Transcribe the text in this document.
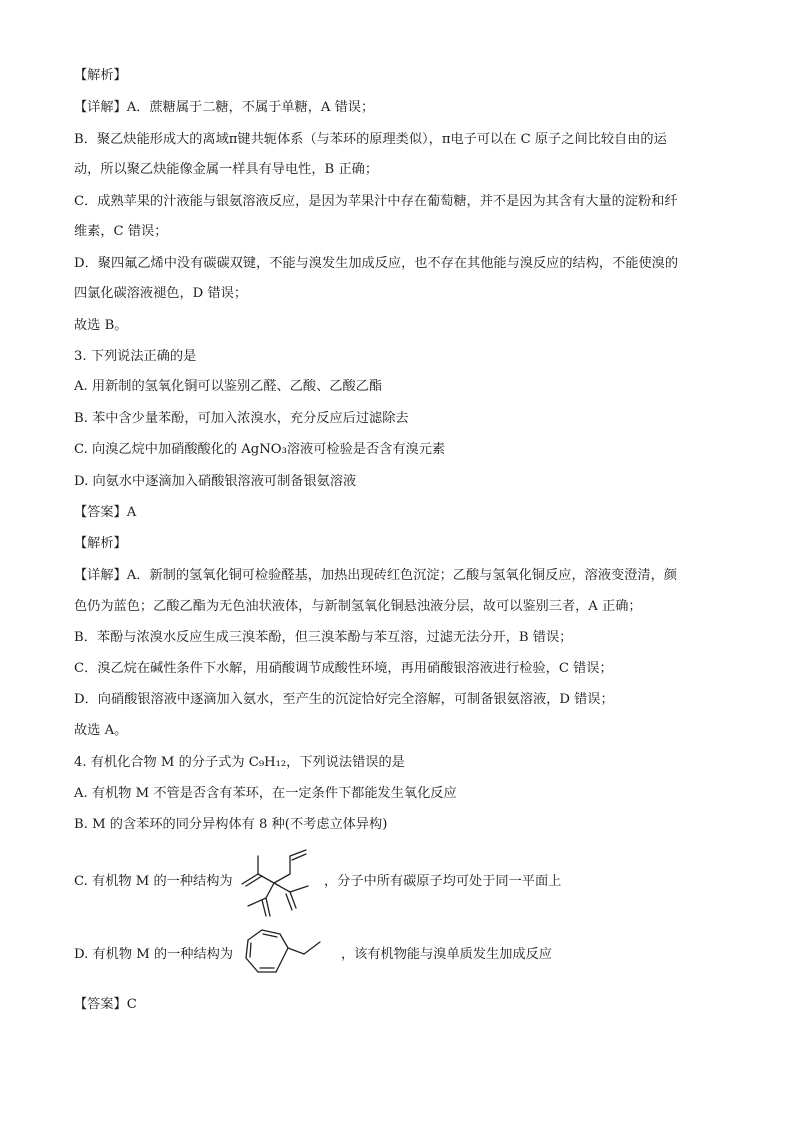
【解析】
【详解】A．蔗糖属于二糖，不属于单糖，A 错误；
B．聚乙炔能形成大的离域π键共轭体系（与苯环的原理类似），π电子可以在 C 原子之间比较自由的运
动，所以聚乙炔能像金属一样具有导电性，B 正确；
C．成熟苹果的汁液能与银氨溶液反应，是因为苹果汁中存在葡萄糖，并不是因为其含有大量的淀粉和纤
维素，C 错误；
D．聚四氟乙烯中没有碳碳双键，不能与溴发生加成反应，也不存在其他能与溴反应的结构，不能使溴的
四氯化碳溶液褪色，D 错误；
故选 B。
3. 下列说法正确的是
A. 用新制的氢氧化铜可以鉴别乙醛、乙酸、乙酸乙酯
B. 苯中含少量苯酚，可加入浓溴水，充分反应后过滤除去
C. 向溴乙烷中加硝酸酸化的 AgNO₃溶液可检验是否含有溴元素
D. 向氨水中逐滴加入硝酸银溶液可制备银氨溶液
【答案】A
【解析】
【详解】A．新制的氢氧化铜可检验醛基，加热出现砖红色沉淀；乙酸与氢氧化铜反应，溶液变澄清，颜
色仍为蓝色；乙酸乙酯为无色油状液体，与新制氢氧化铜悬浊液分层，故可以鉴别三者，A 正确；
B．苯酚与浓溴水反应生成三溴苯酚，但三溴苯酚与苯互溶，过滤无法分开，B 错误；
C．溴乙烷在碱性条件下水解，用硝酸调节成酸性环境，再用硝酸银溶液进行检验，C 错误；
D．向硝酸银溶液中逐滴加入氨水，至产生的沉淀恰好完全溶解，可制备银氨溶液，D 错误；
故选 A。
4. 有机化合物 M 的分子式为 C₉H₁₂，下列说法错误的是
A. 有机物 M 不管是否含有苯环，在一定条件下都能发生氧化反应
B. M 的含苯环的同分异构体有 8 种(不考虑立体异构)
C. 有机物 M 的一种结构为	，分子中所有碳原子均可处于同一平面上
D. 有机物 M 的一种结构为	，该有机物能与溴单质发生加成反应
【答案】C
